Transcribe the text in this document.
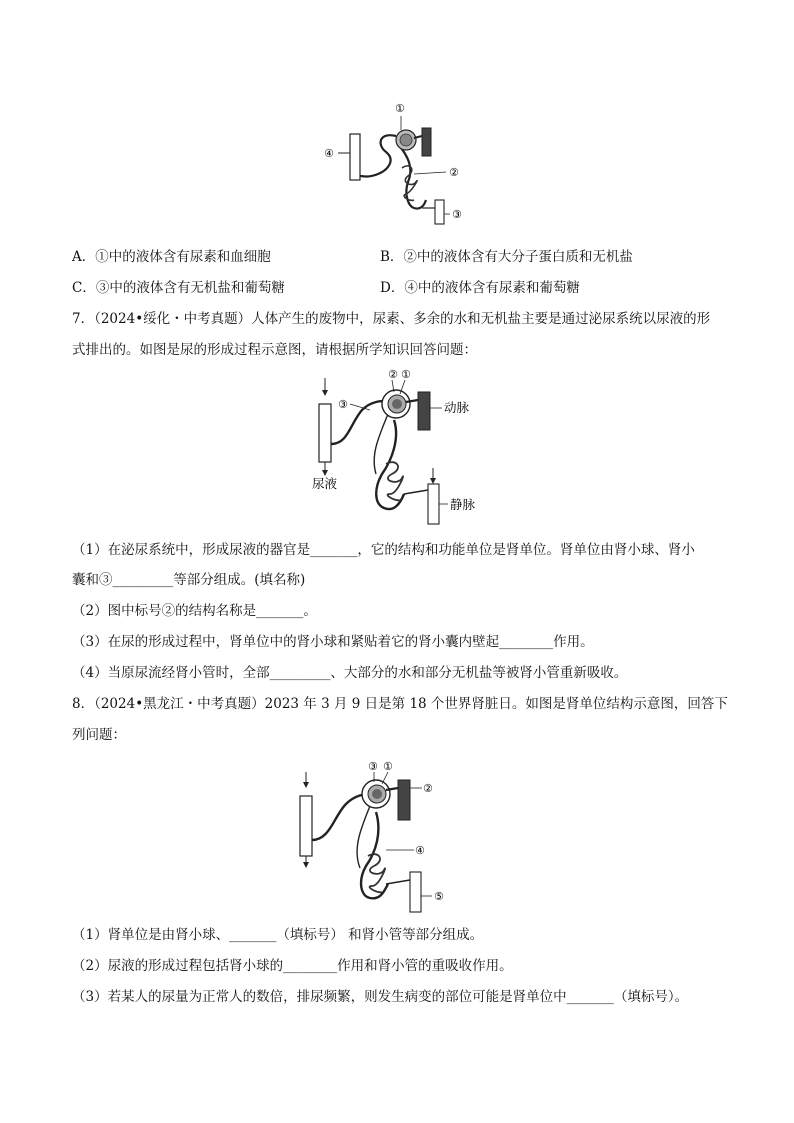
①
②
③
④
A．①中的液体含有尿素和血细胞	B．②中的液体含有大分子蛋白质和无机盐
C．③中的液体含有无机盐和葡萄糖	D．④中的液体含有尿素和葡萄糖
7．（2024•绥化・中考真题）人体产生的废物中，尿素、多余的水和无机盐主要是通过泌尿系统以尿液的形
式排出的。如图是尿的形成过程示意图，请根据所学知识回答问题：
② ①
③	动脉
尿液
静脉
（1）在泌尿系统中，形成尿液的器官是_______，它的结构和功能单位是肾单位。肾单位由肾小球、肾小
囊和③_________等部分组成。(填名称)
（2）图中标号②的结构名称是_______。
（3）在尿的形成过程中，肾单位中的肾小球和紧贴着它的肾小囊内壁起________作用。
（4）当原尿流经肾小管时，全部_________、大部分的水和部分无机盐等被肾小管重新吸收。
8．（2024•黑龙江・中考真题）2023 年 3 月 9 日是第 18 个世界肾脏日。如图是肾单位结构示意图，回答下
列问题：
③ ①
②
④
⑤
（1）肾单位是由肾小球、_______（填标号） 和肾小管等部分组成。
（2）尿液的形成过程包括肾小球的________作用和肾小管的重吸收作用。
（3）若某人的尿量为正常人的数倍，排尿频繁，则发生病变的部位可能是肾单位中_______（填标号）。
